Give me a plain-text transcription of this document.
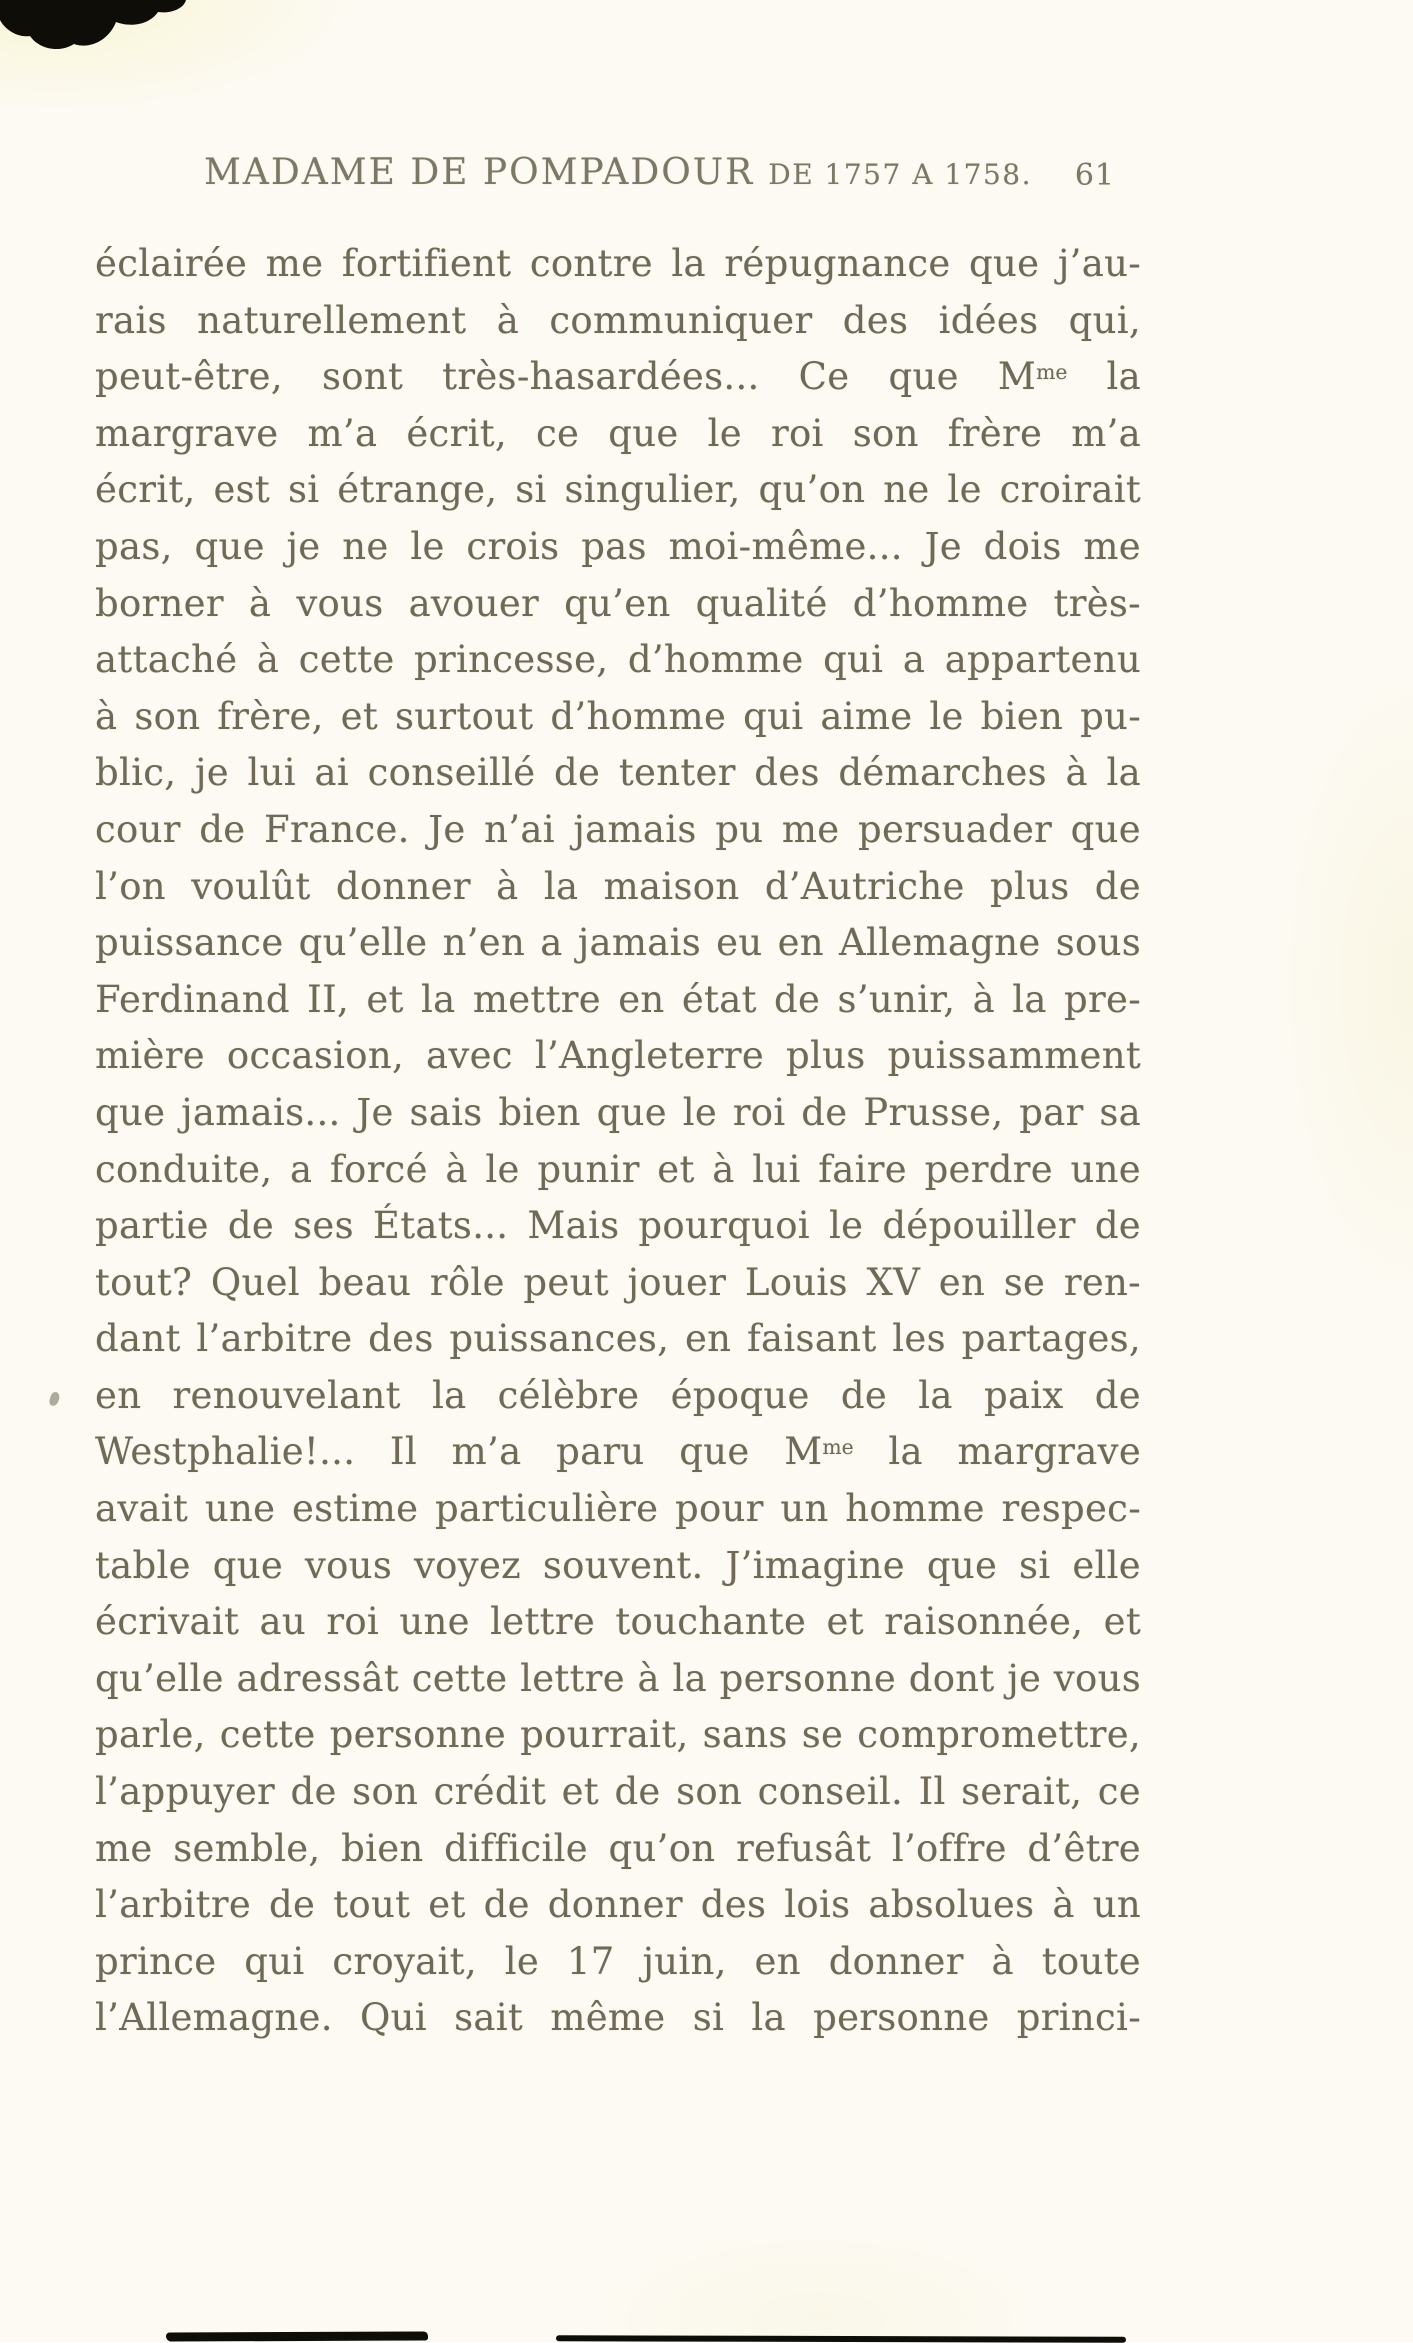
MADAME DE POMPADOUR DE 1757 A 1758. 61
éclairée me fortifient contre la répugnance que j’au-
rais naturellement à communiquer des idées qui,
peut-être, sont très-hasardées... Ce que $M^{me}$ la
margrave m’a écrit, ce que le roi son frère m’a
écrit, est si étrange, si singulier, qu’on ne le croirait
pas, que je ne le crois pas moi-même... Je dois me
borner à vous avouer qu’en qualité d’homme très-
attaché à cette princesse, d’homme qui a appartenu
à son frère, et surtout d’homme qui aime le bien pu-
blic, je lui ai conseillé de tenter des démarches à la
cour de France. Je n’ai jamais pu me persuader que
l’on voulût donner à la maison d’Autriche plus de
puissance qu’elle n’en a jamais eu en Allemagne sous
Ferdinand II, et la mettre en état de s’unir, à la pre-
mière occasion, avec l’Angleterre plus puissamment
que jamais... Je sais bien que le roi de Prusse, par sa
conduite, a forcé à le punir et à lui faire perdre une
partie de ses États... Mais pourquoi le dépouiller de
tout? Quel beau rôle peut jouer Louis XV en se ren-
dant l’arbitre des puissances, en faisant les partages,
en renouvelant la célèbre époque de la paix de
Westphalie!... Il m’a paru que $M^{me}$ la margrave
avait une estime particulière pour un homme respec-
table que vous voyez souvent. J’imagine que si elle
écrivait au roi une lettre touchante et raisonnée, et
qu’elle adressât cette lettre à la personne dont je vous
parle, cette personne pourrait, sans se compromettre,
l’appuyer de son crédit et de son conseil. Il serait, ce
me semble, bien difficile qu’on refusât l’offre d’être
l’arbitre de tout et de donner des lois absolues à un
prince qui croyait, le 17 juin, en donner à toute
l’Allemagne. Qui sait même si la personne princi-
